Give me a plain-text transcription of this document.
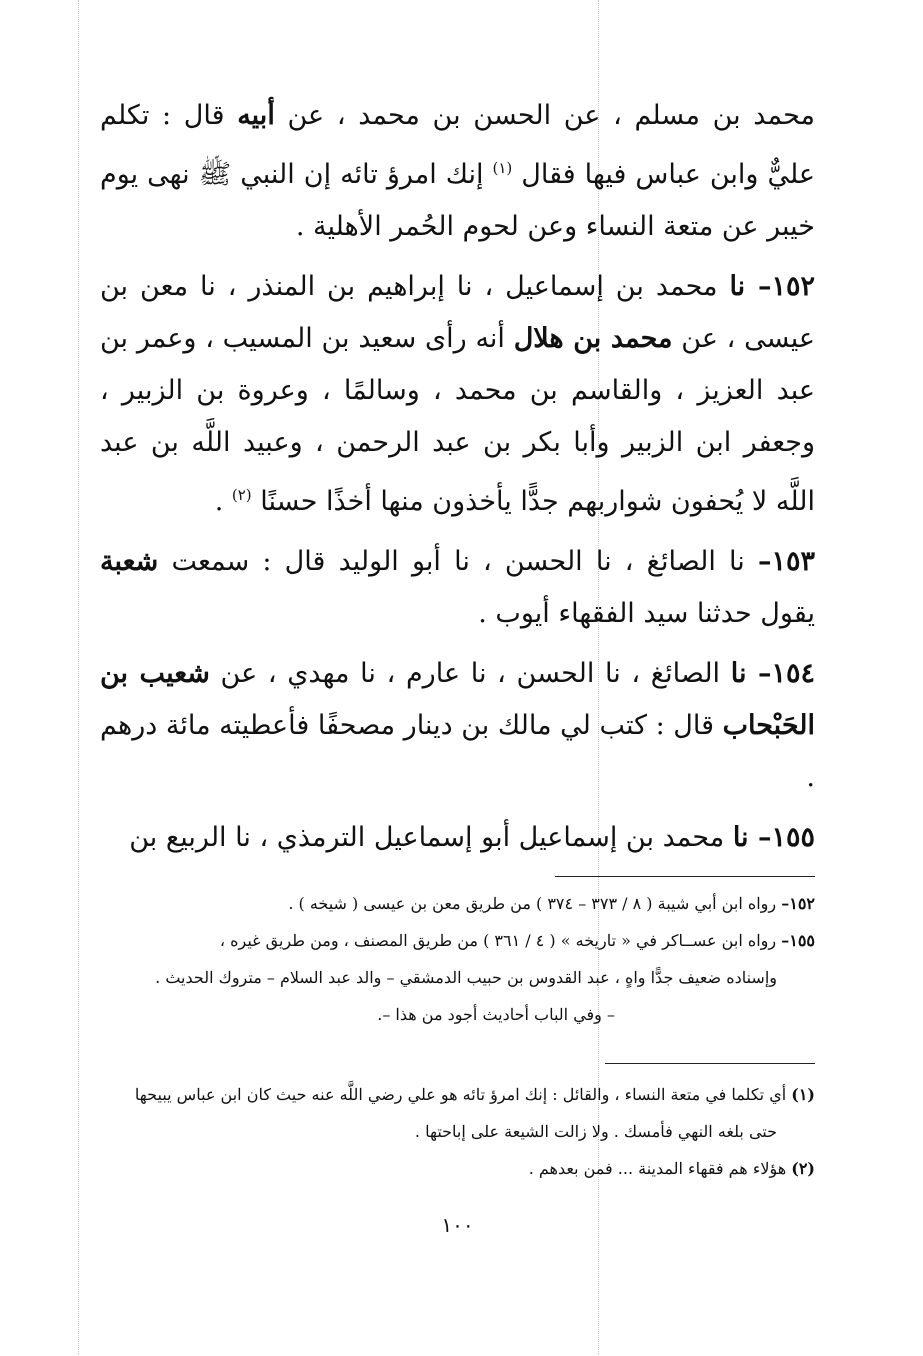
محمد بن مسلم ، عن الحسن بن محمد ، عن أبيه قال : تكلم عليٌّ وابن عباس فيها فقال $^{(١)}$ إنك امرؤ تائه إن النبي ﷺ نهى يوم خيبر عن متعة النساء وعن لحوم الحُمر الأهلية .

١٥٢– نا محمد بن إسماعيل ، نا إبراهيم بن المنذر ، نا معن بن عيسى ، عن محمد بن هلال أنه رأى سعيد بن المسيب ، وعمر بن عبد العزيز ، والقاسم بن محمد ، وسالمًا ، وعروة بن الزبير ، وجعفر ابن الزبير وأبا بكر بن عبد الرحمن ، وعبيد اللَّه بن عبد اللَّه لا يُحفون شواربهم جدًّا يأخذون منها أخذًا حسنًا $^{(٢)}$ .

١٥٣– نا الصائغ ، نا الحسن ، نا أبو الوليد قال : سمعت شعبة يقول حدثنا سيد الفقهاء أيوب .

١٥٤– نا الصائغ ، نا الحسن ، نا عارم ، نا مهدي ، عن شعيب بن الحَبْحاب قال : كتب لي مالك بن دينار مصحفًا فأعطيته مائة درهم .

١٥٥– نا محمد بن إسماعيل أبو إسماعيل الترمذي ، نا الربيع بن

١٥٢– رواه ابن أبي شيبة ( ٨ / ٣٧٣ – ٣٧٤ ) من طريق معن بن عيسى ( شيخه ) .

١٥٥– رواه ابن عســاكر في « تاريخه » ( ٤ / ٣٦١ ) من طريق المصنف ، ومن طريق غيره ،

وإسناده ضعيف جدًّا واهٍ ، عبد القدوس بن حبيب الدمشقي – والد عبد السلام – متروك الحديث .

– وفي الباب أحاديث أجود من هذا –.

(١) أي تكلما في متعة النساء ، والقائل : إنك امرؤ تائه هو علي رضي اللَّه عنه حيث كان ابن عباس يبيحها

حتى بلغه النهي فأمسك . ولا زالت الشيعة على إباحتها .

(٢) هؤلاء هم فقهاء المدينة ... فمن بعدهم .

١٠٠
